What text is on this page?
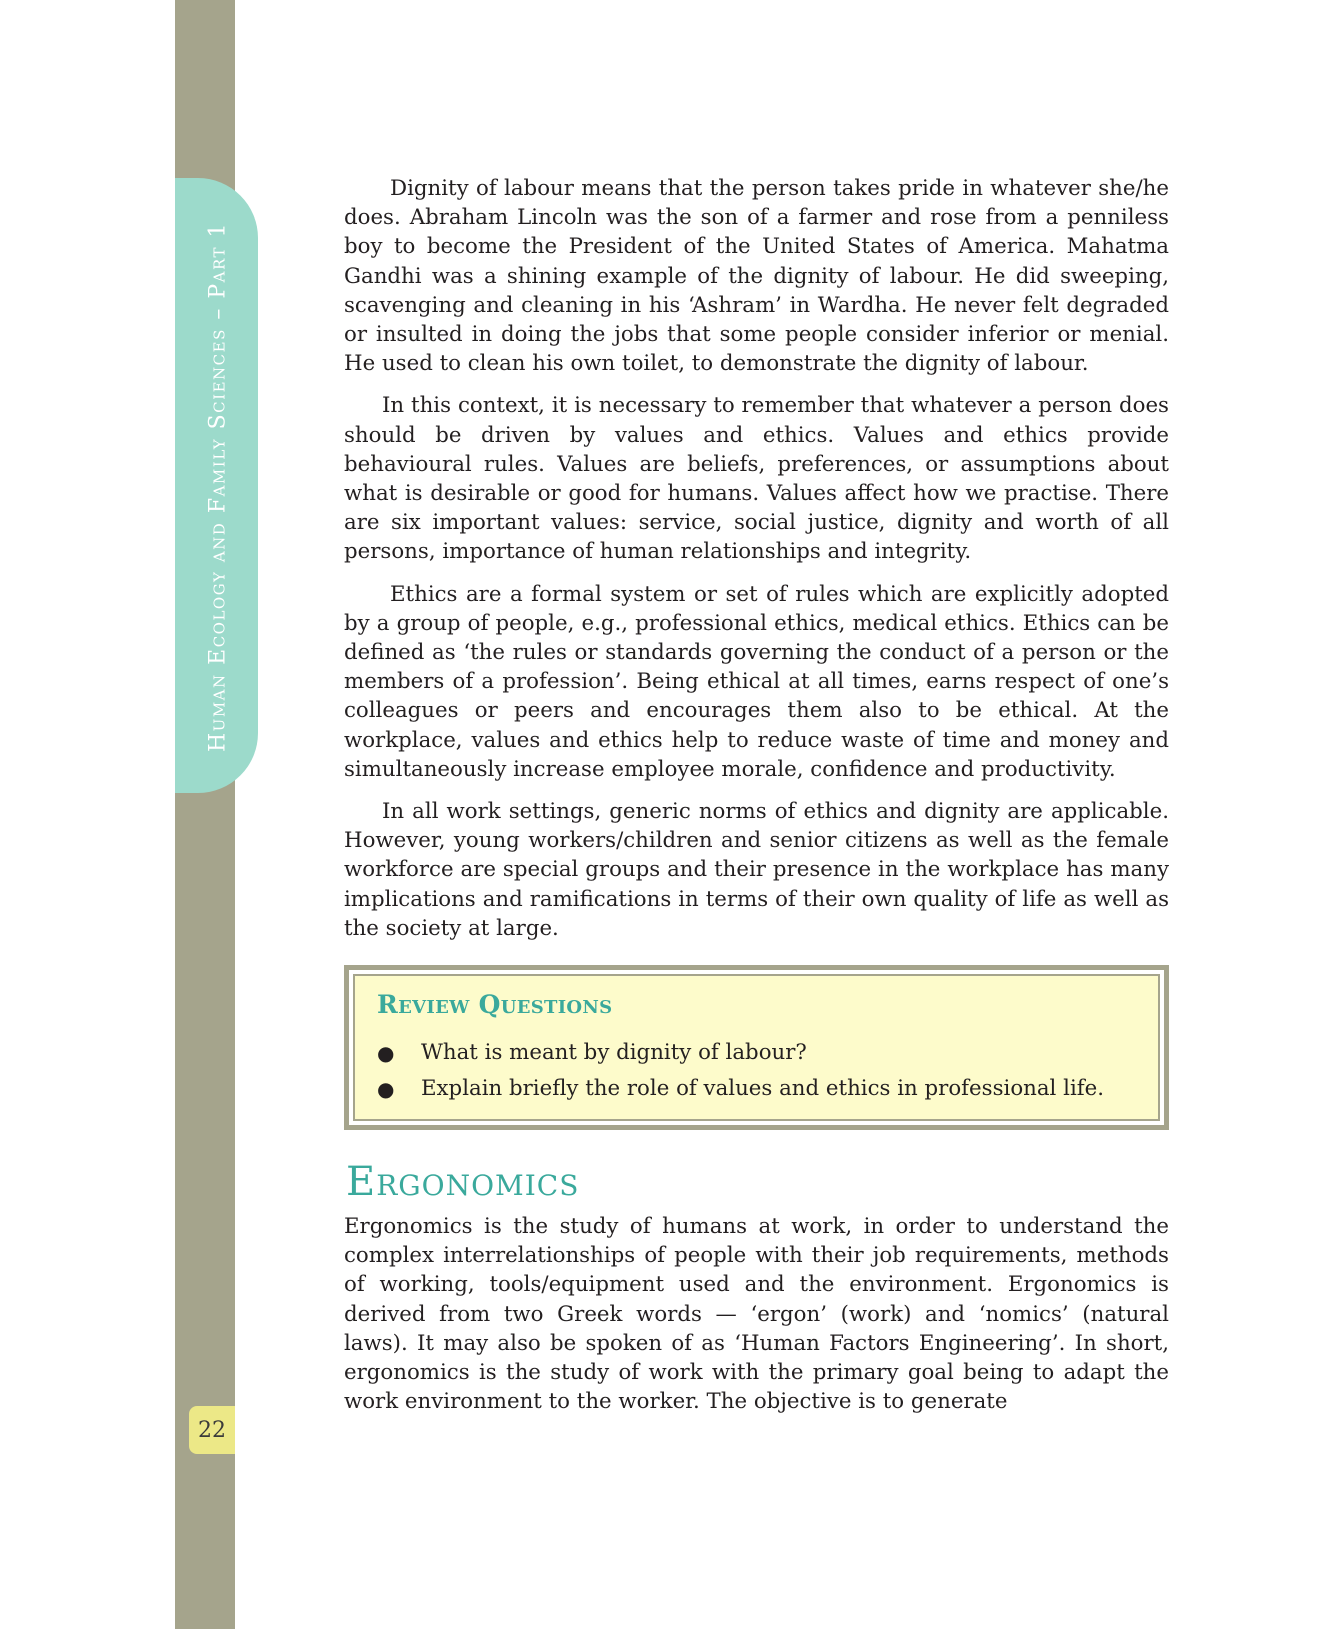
Human Ecology and Family Sciences – Part 1
22

Dignity of labour means that the person takes pride in whatever she/he does. Abraham Lincoln was the son of a farmer and rose from a penniless boy to become the President of the United States of America. Mahatma Gandhi was a shining example of the dignity of labour. He did sweeping, scavenging and cleaning in his ‘Ashram’ in Wardha. He never felt degraded or insulted in doing the jobs that some people consider inferior or menial. He used to clean his own toilet, to demonstrate the dignity of labour.

In this context, it is necessary to remember that whatever a person does should be driven by values and ethics. Values and ethics provide behavioural rules. Values are beliefs, preferences, or assumptions about what is desirable or good for humans. Values affect how we practise. There are six important values: service, social justice, dignity and worth of all persons, importance of human relationships and integrity.

Ethics are a formal system or set of rules which are explicitly adopted by a group of people, e.g., professional ethics, medical ethics. Ethics can be defined as ‘the rules or standards governing the conduct of a person or the members of a profession’. Being ethical at all times, earns respect of one’s colleagues or peers and encourages them also to be ethical. At the workplace, values and ethics help to reduce waste of time and money and simultaneously increase employee morale, confidence and productivity.

In all work settings, generic norms of ethics and dignity are applicable. However, young workers/children and senior citizens as well as the female workforce are special groups and their presence in the workplace has many implications and ramifications in terms of their own quality of life as well as the society at large.

Review Questions
●	What is meant by dignity of labour?
●	Explain briefly the role of values and ethics in professional life.
Ergonomics

Ergonomics is the study of humans at work, in order to understand the complex interrelationships of people with their job requirements, methods of working, tools/equipment used and the environment. Ergonomics is derived from two Greek words — ‘ergon’ (work) and ‘nomics’ (natural laws). It may also be spoken of as ‘Human Factors Engineering’. In short, ergonomics is the study of work with the primary goal being to adapt the work environment to the worker. The objective is to generate
